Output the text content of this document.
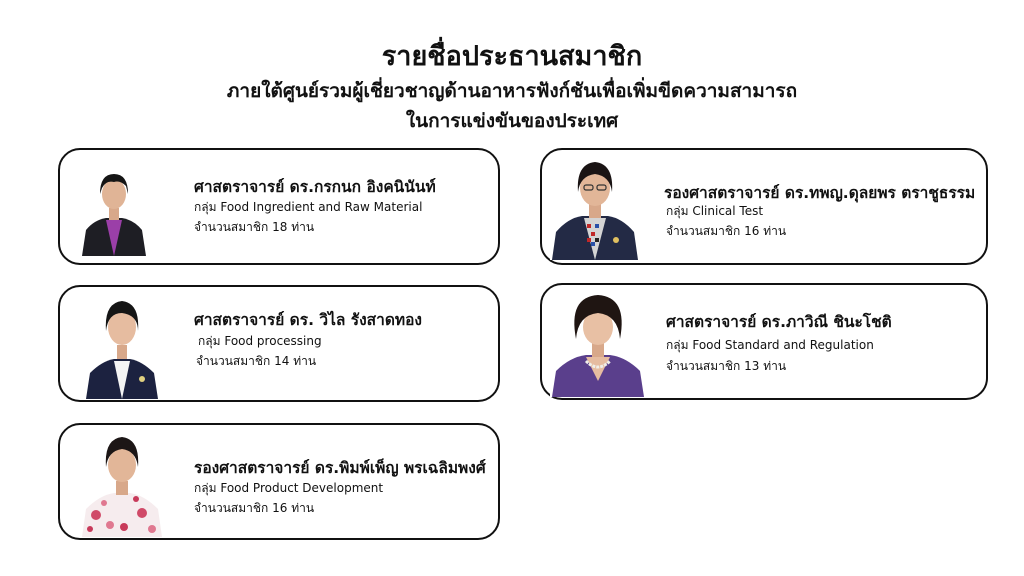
รายชื่อประธานสมาชิก
ภายใต้ศูนย์รวมผู้เชี่ยวชาญด้านอาหารฟังก์ชันเพื่อเพิ่มขีดความสามารถ
ในการแข่งขันของประเทศ
ศาสตราจารย์ ดร.กรกนก อิงคนินันท์
กลุ่ม Food Ingredient and Raw Material
จำนวนสมาชิก 18 ท่าน
รองศาสตราจารย์ ดร.ทพญ.ดุลยพร ตราชูธรรม
กลุ่ม Clinical Test
จำนวนสมาชิก 16 ท่าน
ศาสตราจารย์ ดร. วิไล รังสาดทอง
กลุ่ม Food processing
จำนวนสมาชิก 14 ท่าน
ศาสตราจารย์ ดร.ภาวิณี ชินะโชติ
กลุ่ม Food Standard and Regulation
จำนวนสมาชิก 13 ท่าน
รองศาสตราจารย์ ดร.พิมพ์เพ็ญ พรเฉลิมพงศ์
กลุ่ม Food Product Development
จำนวนสมาชิก 16 ท่าน
